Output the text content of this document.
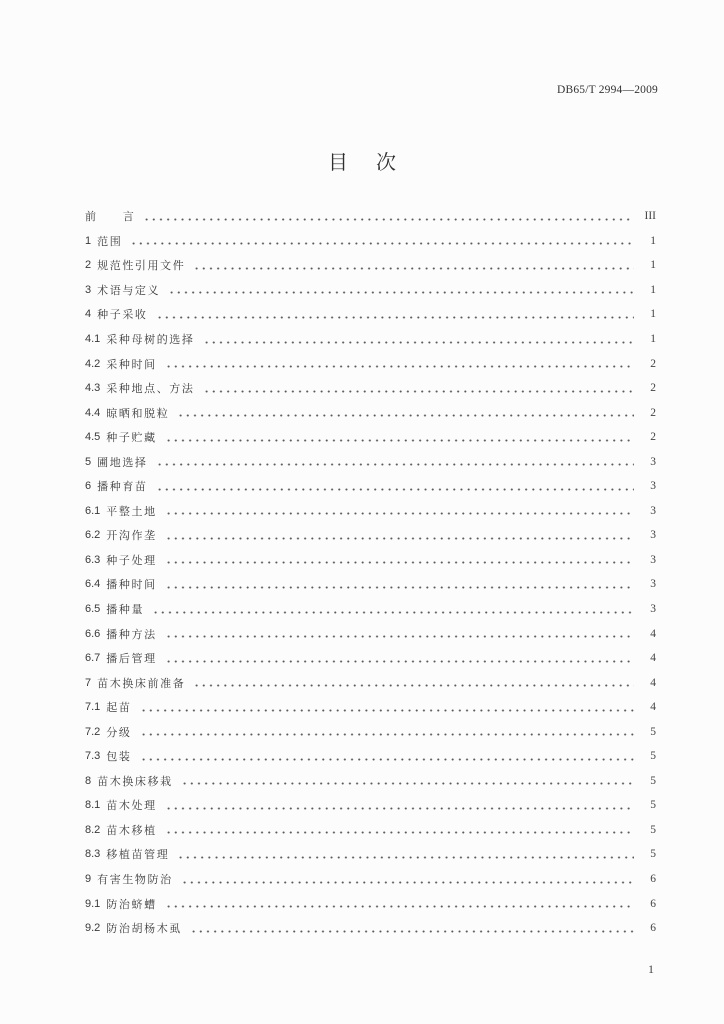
DB65/T 2994—2009
目次
前　　言	III
1 范围	1
2 规范性引用文件	1
3 术语与定义	1
4 种子采收	1
4.1 采种母树的选择	1
4.2 采种时间	2
4.3 采种地点、方法	2
4.4 晾晒和脱粒	2
4.5 种子贮藏	2
5 圃地选择	3
6 播种育苗	3
6.1 平整土地	3
6.2 开沟作垄	3
6.3 种子处理	3
6.4 播种时间	3
6.5 播种量	3
6.6 播种方法	4
6.7 播后管理	4
7 苗木换床前准备	4
7.1 起苗	4
7.2 分级	5
7.3 包装	5
8 苗木换床移栽	5
8.1 苗木处理	5
8.2 苗木移植	5
8.3 移植苗管理	5
9 有害生物防治	6
9.1 防治蛴螬	6
9.2 防治胡杨木虱	6
1
